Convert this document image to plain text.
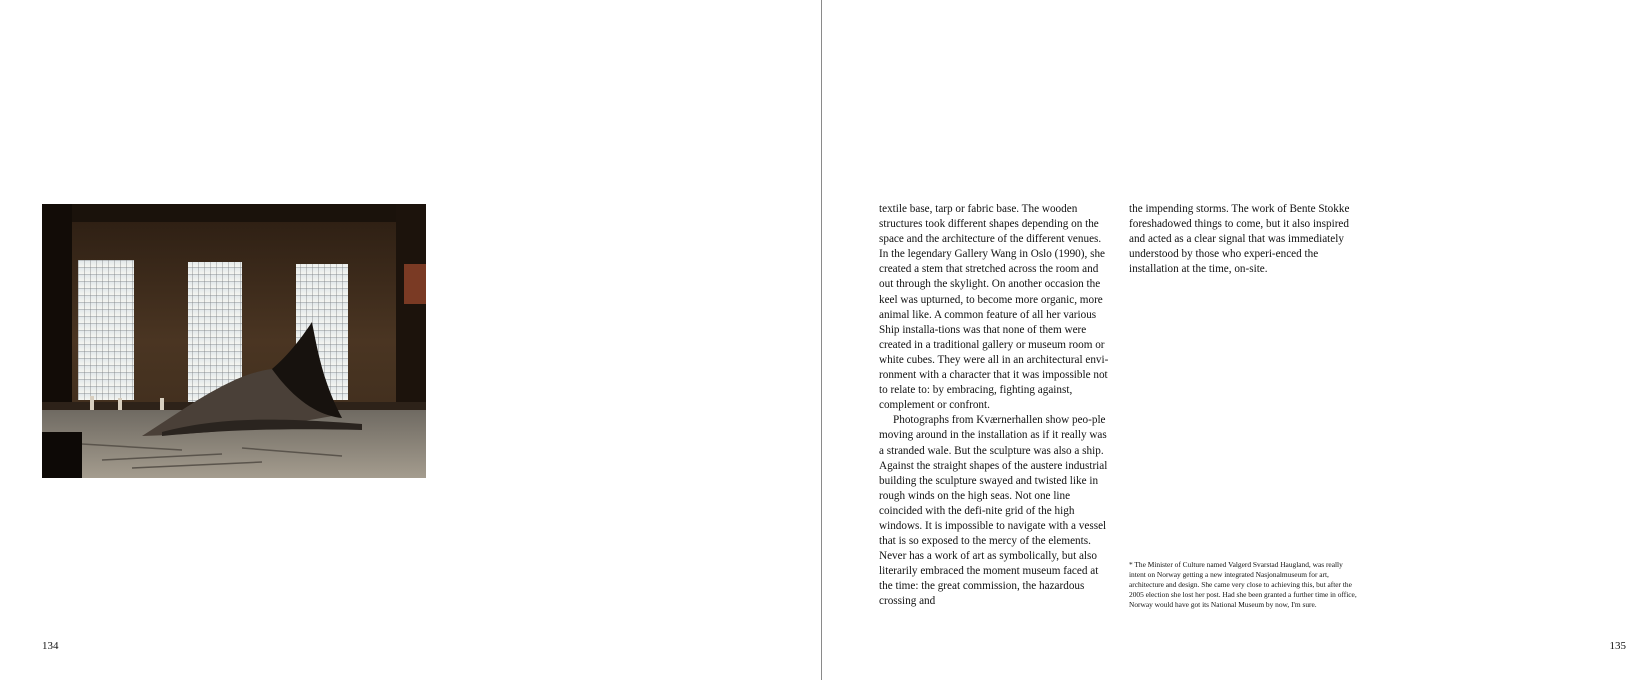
134

textile base, tarp or fabric base. The wooden structures took different shapes depending on the space and the architecture of the different venues. In the legendary Gallery Wang in Oslo (1990), she created a stem that stretched across the room and out through the skylight. On another occasion the keel was upturned, to become more organic, more animal like. A common feature of all her various Ship installa-tions was that none of them were created in a traditional gallery or museum room or white cubes. They were all in an architectural envi-ronment with a character that it was impossible not to relate to: by embracing, fighting against, complement or confront.

Photographs from Kværnerhallen show peo-ple moving around in the installation as if it really was a stranded wale. But the sculpture was also a ship. Against the straight shapes of the austere industrial building the sculpture swayed and twisted like in rough winds on the high seas. Not one line coincided with the defi-nite grid of the high windows. It is impossible to navigate with a vessel that is so exposed to the mercy of the elements. Never has a work of art as symbolically, but also literarily embraced the moment museum faced at the time: the great commission, the hazardous crossing and

the impending storms. The work of Bente Stokke foreshadowed things to come, but it also inspired and acted as a clear signal that was immediately understood by those who experi-enced the installation at the time, on-site.

* The Minister of Culture named Valgerd Svarstad Haugland, was really intent on Norway getting a new integrated Nasjonalmuseum for art, architecture and design. She came very close to achieving this, but after the 2005 election she lost her post. Had she been granted a further time in office, Norway would have got its National Museum by now, I'm sure.
135
